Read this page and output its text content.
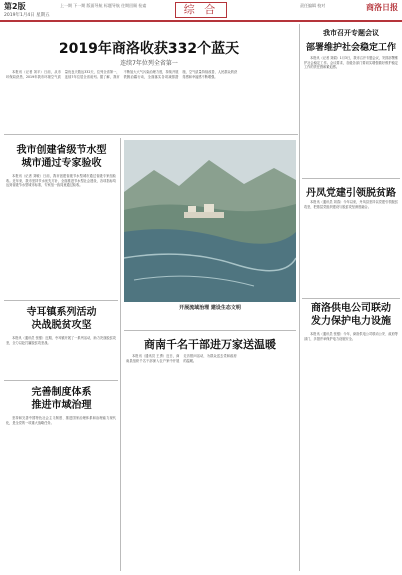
第2版
2019年1月4日 星期五
上一期 下一期 版面导航 标题导航 往期回顾 检索	综 合	责任编辑 校对	商洛日报
2019年商洛收获332个蓝天
连续7年位列全省第一

本报讯（记者 刘平）日前，从市环保局获悉，2019年我市环境空气质量优良天数达332天，位列全省第一，连续7年位居全省前列。据了解，我市不断加大大气污染治理力度，持续开展铁腕治霾行动，全面落实各项减排措施，空气质量持续改善，人民群众的获得感和幸福感不断增强。

我市创建省级节水型
城市通过专家验收

本报讯（记者 刘敏）日前，我市创建省级节水型城市通过省级专家组验收。近年来，我市坚持节水优先方针，全面推进节水型社会建设，各项指标均达到省级节水型城市标准，专家组一致同意通过验收。

寺耳镇系列活动
决战脱贫攻坚

本报讯（通讯员 张强）近期，寺耳镇开展了一系列活动，助力决战脱贫攻坚，全力以赴打赢脱贫攻坚战。

完善制度体系
推进市域治理

坚持和完善中国特色社会主义制度、推进国家治理体系和治理能力现代化，是全党的一项重大战略任务。

开展流域治理 建设生态文明
商南千名干部进万家送温暖

本报讯（通讯员 王勇）近日，商南县组织千名干部深入农户家中开展走访慰问活动，为群众送去党和政府的温暖。

我市召开专题会议
部署维护社会稳定工作

本报讯（记者 刘娟）1月3日，我市召开专题会议，安排部署维护社会稳定工作。会议要求，各级各部门要切实增强做好维护稳定工作的责任感和紧迫感。

丹凤党建引领脱贫路

本报讯（通讯员 刘春）今年以来，丹凤县坚持以党建引领脱贫攻坚，把基层党组织建设与脱贫攻坚深度融合。

商洛供电公司联动
发力保护电力设施

本报讯（通讯员 张强）今年，商洛供电公司联动公安、政府等部门，多措并举保护电力设施安全。
